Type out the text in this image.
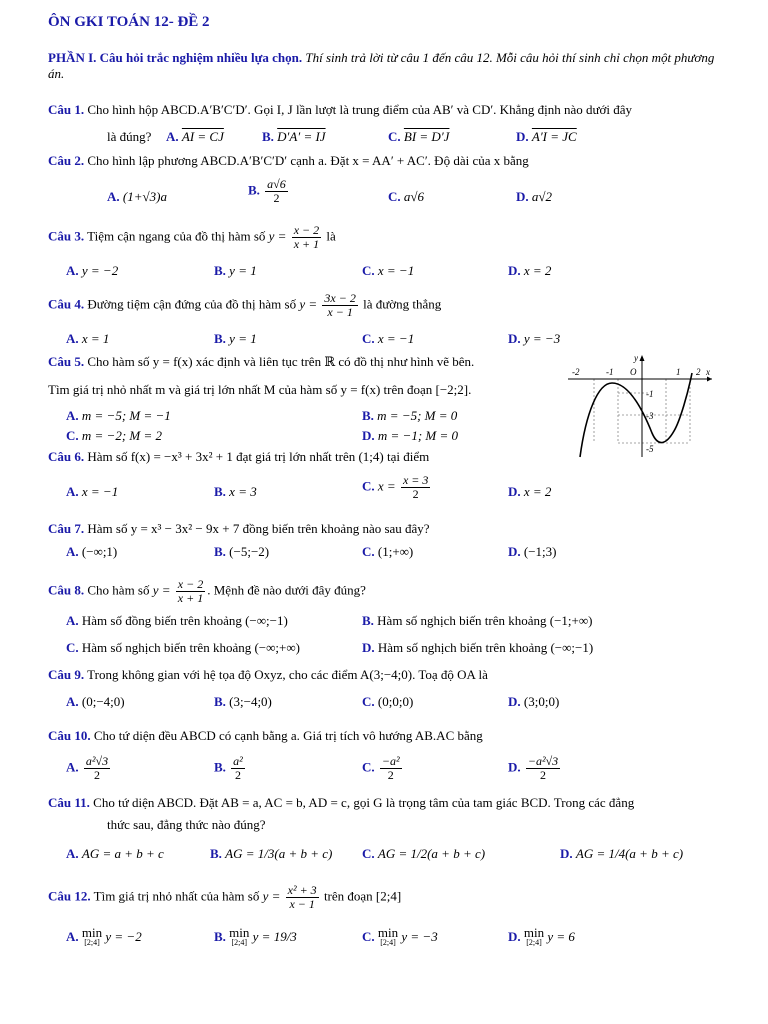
ÔN GKI TOÁN 12- ĐỀ 2
PHẦN I. Câu hỏi trắc nghiệm nhiều lựa chọn. Thí sinh trả lời từ câu 1 đến câu 12. Mỗi câu hỏi thí sinh chỉ chọn một phương án.
Câu 1. Cho hình hộp ABCD.A′B′C′D′. Gọi I, J lần lượt là trung điểm của AB′ và CD′. Khẳng định nào dưới đây
là đúng? A. AI = CJ	B. D′A′ = IJ	C. BI = D′J	D. A′I = JC
Câu 2. Cho hình lập phương ABCD.A′B′C′D′ cạnh a. Đặt x = AA′ + AC′. Độ dài của x bằng
A. (1+√3)a	B. $\frac{a√6}{2}$	C. a√6	D. a√2
Câu 3. Tiệm cận ngang của đồ thị hàm số $y = \frac{x - 2}{x + 1}$ là
A. y = −2	B. y = 1	C. x = −1	D. x = 2
Câu 4. Đường tiệm cận đứng của đồ thị hàm số $y = \frac{3x - 2}{x - 1}$ là đường thẳng
A. x = 1	B. y = 1	C. x = −1	D. y = −3
Câu 5. Cho hàm số y = f(x) xác định và liên tục trên ℝ có đồ thị như hình vẽ bên.
Tìm giá trị nhỏ nhất m và giá trị lớn nhất M của hàm số y = f(x) trên đoạn [−2;2].
A. m = −5; M = −1	B. m = −5; M = 0
C. m = −2; M = 2	D. m = −1; M = 0
-2	-1 O	1 2 x
y
-1
-3
-5
Câu 6. Hàm số f(x) = −x³ + 3x² + 1 đạt giá trị lớn nhất trên (1;4) tại điểm
A. x = −1	B. x = 3	C. $x = \frac{x = 3}{2}$	D. x = 2
Câu 7. Hàm số y = x³ − 3x² − 9x + 7 đồng biến trên khoảng nào sau đây?
A. (−∞;1)	B. (−5;−2)	C. (1;+∞)	D. (−1;3)
Câu 8. Cho hàm số $y = \frac{x - 2}{x + 1}$ . Mệnh đề nào dưới đây đúng?
A. Hàm số đồng biến trên khoảng (−∞;−1)	B. Hàm số nghịch biến trên khoảng (−1;+∞)
C. Hàm số nghịch biến trên khoảng (−∞;+∞)	D. Hàm số nghịch biến trên khoảng (−∞;−1)
Câu 9. Trong không gian với hệ tọa độ Oxyz, cho các điểm A(3;−4;0). Toạ độ OA là
A. (0;−4;0)	B. (3;−4;0)	C. (0;0;0)	D. (3;0;0)
Câu 10. Cho tứ diện đều ABCD có cạnh bằng a. Giá trị tích vô hướng AB.AC bằng
A. $\frac{\text{a²√3}}{2}$	B. $\frac{\text{a²}}{2}$	C. $\frac{\text{−a²}}{2}$	D. $\frac{\text{−a²√3}}{2}$
Câu 11. Cho tứ diện ABCD. Đặt AB = a, AC = b, AD = c, gọi G là trọng tâm của tam giác BCD. Trong các đẳng
thức sau, đẳng thức nào đúng?
A. AG = a + b + c	B. AG = 1/3(a + b + c) C. AG = 1/2(a + b + c)	D. AG = 1/4(a + b + c)
Câu 12. Tìm giá trị nhỏ nhất của hàm số $y = \frac{\text{x² + 3}}{x - 1}$ trên đoạn [2;4]
A. min
[2;4] y = −2	B. min
[2;4] y = 19/3	C. min
[2;4] y = −3	D. min
[2;4] y = 6
